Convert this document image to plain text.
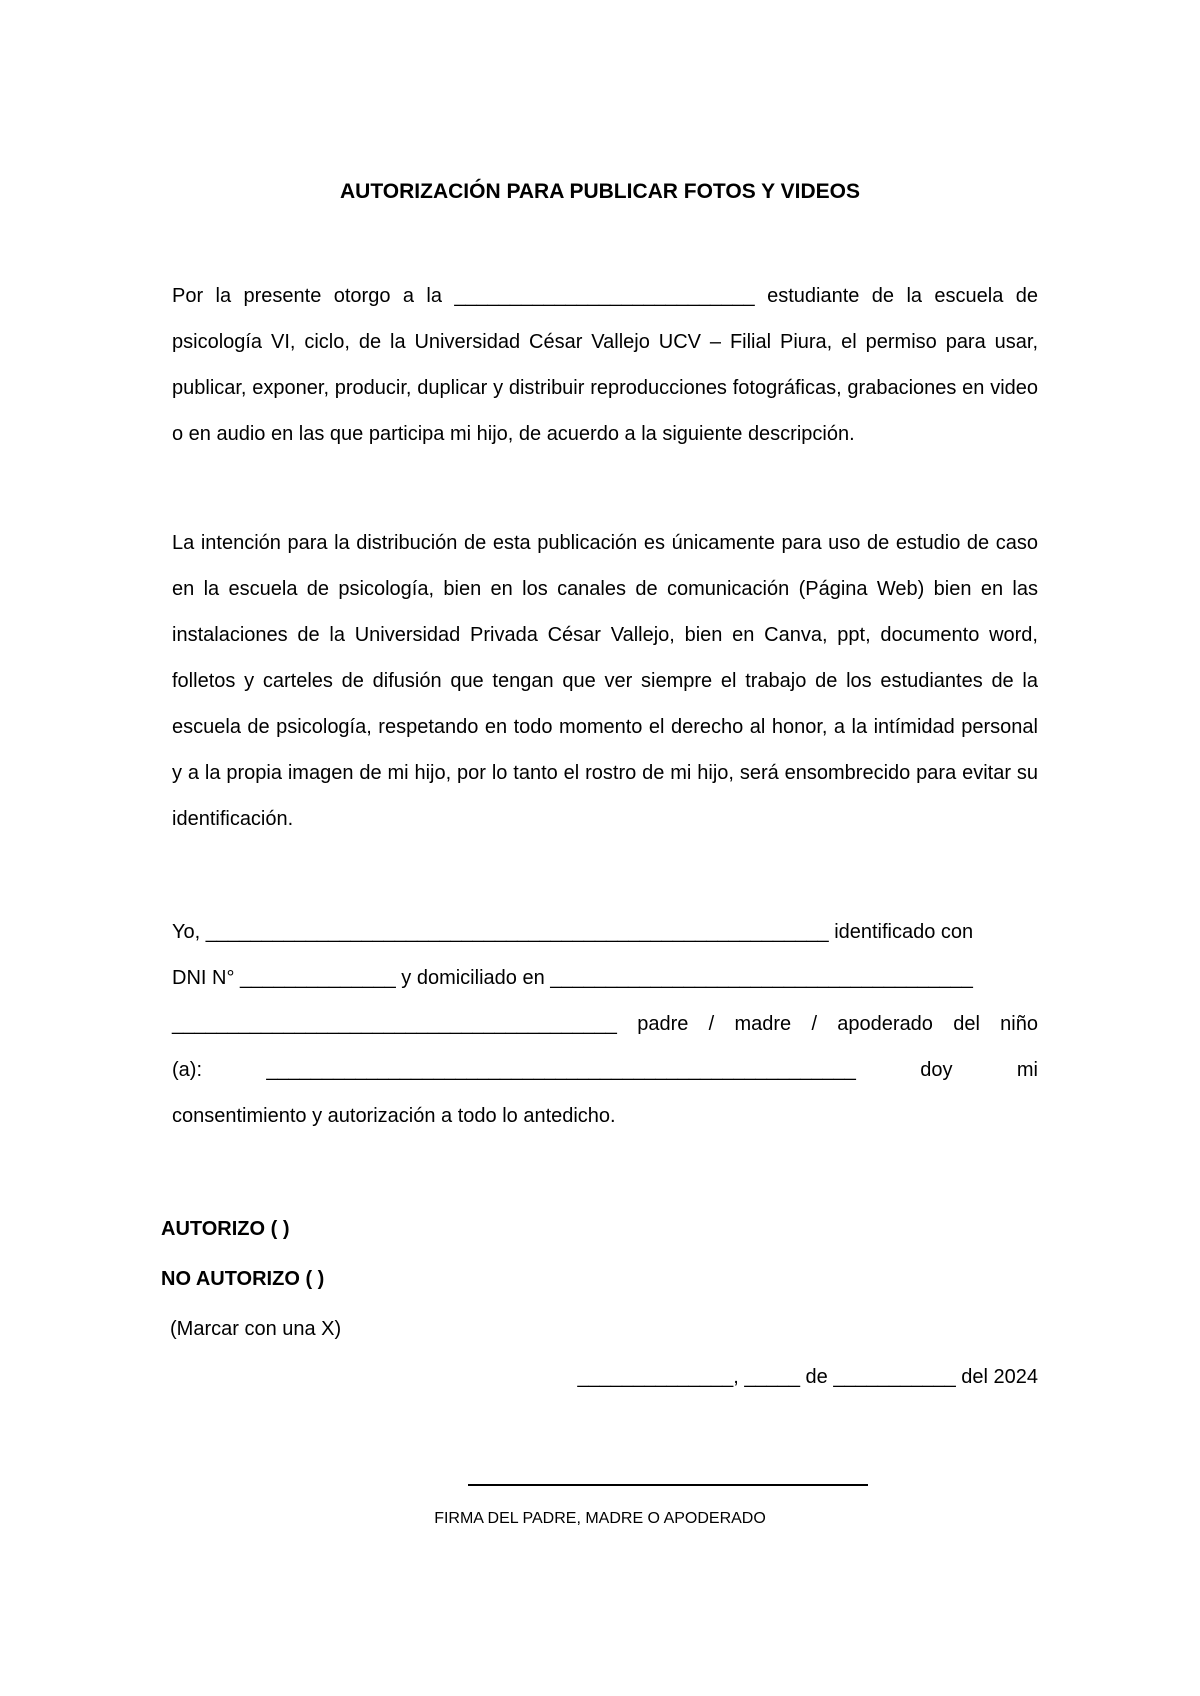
AUTORIZACIÓN PARA PUBLICAR FOTOS Y VIDEOS
Por la presente otorgo a la ___________________________ estudiante de la escuela de psicología VI, ciclo, de la Universidad César Vallejo UCV – Filial Piura, el permiso para usar, publicar, exponer, producir, duplicar y distribuir reproducciones fotográficas, grabaciones en video o en audio en las que participa mi hijo, de acuerdo a la siguiente descripción.
La intención para la distribución de esta publicación es únicamente para uso de estudio de caso en la escuela de psicología, bien en los canales de comunicación (Página Web) bien en las instalaciones de la Universidad Privada César Vallejo, bien en Canva, ppt, documento word, folletos y carteles de difusión que tengan que ver siempre el trabajo de los estudiantes de la escuela de psicología, respetando en todo momento el derecho al honor, a la intímidad personal y a la propia imagen de mi hijo, por lo tanto el rostro de mi hijo, será ensombrecido para evitar su identificación.
Yo, ________________________________________________________ identificado con
DNI N° ______________ y domiciliado en ______________________________________
________________________________________ padre / madre / apoderado del niño
(a):	_____________________________________________________	doy	mi
consentimiento y autorización a todo lo antedicho.
AUTORIZO ( )
NO AUTORIZO ( )
(Marcar con una X)
______________, _____ de ___________ del 2024
FIRMA DEL PADRE, MADRE O APODERADO
